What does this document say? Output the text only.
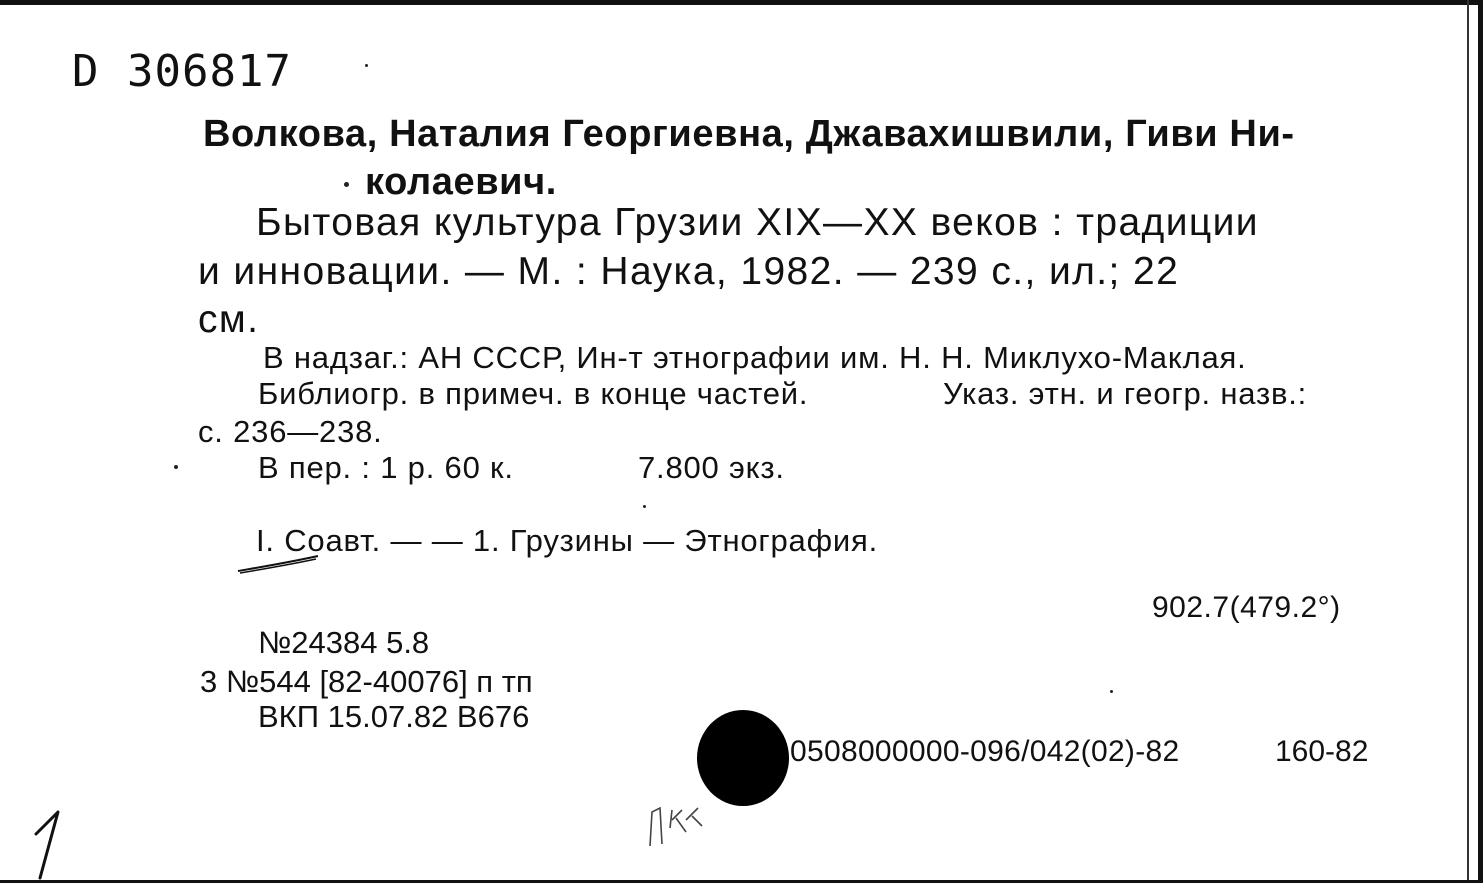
D 306817
Волкова, Наталия Георгиевна, Джавахишвили, Гиви Ни-
колаевич.
Бытовая культура Грузии XIX—XX веков : традиции
и инновации. — М. : Наука, 1982. — 239 с., ил.; 22
см.
В надзаг.: АН СССР, Ин-т этнографии им. Н. Н. Миклухо-Маклая.
Библиогр. в примеч. в конце частей.	Указ. этн. и геогр. назв.:
с. 236—238.
В пер. : 1 р. 60 к.	7.800 экз.
I. Соавт. — — 1. Грузины — Этнография.
902.7(479.2°)
№24384 5.8
3 №544 [82-40076] п тп
ВКП 15.07.82 В676
0508000000-096/042(02)-82	160-82
